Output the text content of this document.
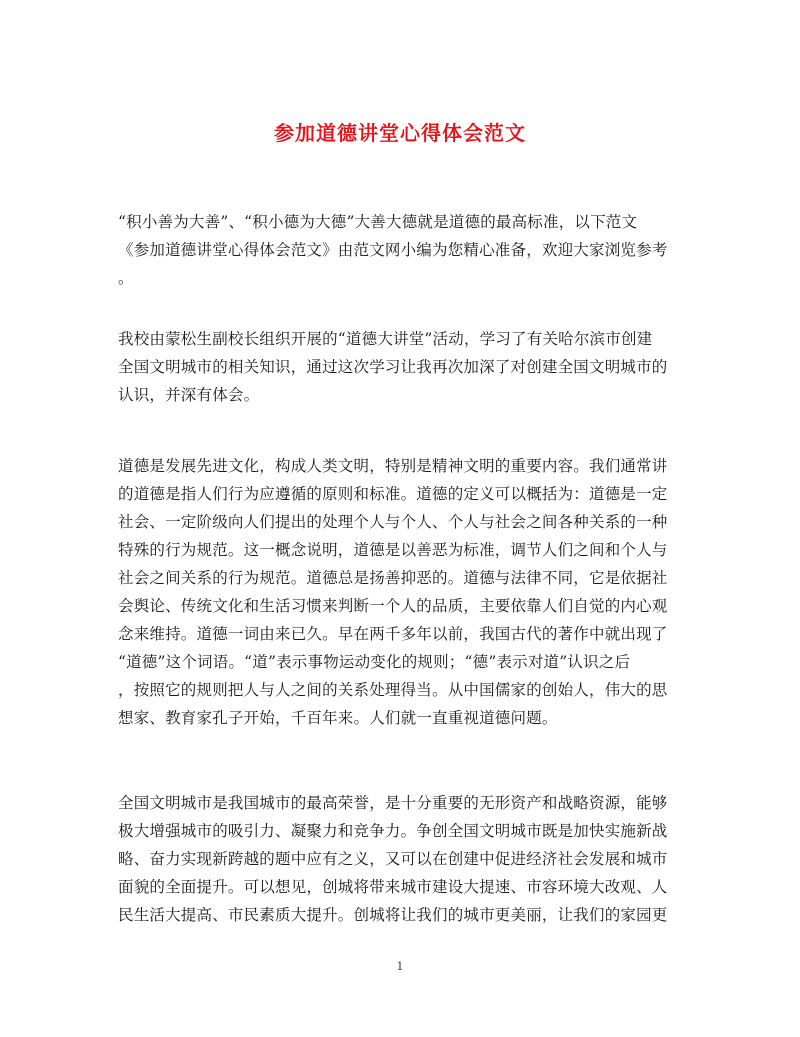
参加道德讲堂心得体会范文
“积小善为大善”、“积小德为大德”大善大德就是道德的最高标准，以下范文
《参加道德讲堂心得体会范文》由范文网小编为您精心准备，欢迎大家浏览参考
。
我校由蒙松生副校长组织开展的“道德大讲堂”活动，学习了有关哈尔滨市创建
全国文明城市的相关知识，通过这次学习让我再次加深了对创建全国文明城市的
认识，并深有体会。
道德是发展先进文化，构成人类文明，特别是精神文明的重要内容。我们通常讲
的道德是指人们行为应遵循的原则和标准。道德的定义可以概括为：道德是一定
社会、一定阶级向人们提出的处理个人与个人、个人与社会之间各种关系的一种
特殊的行为规范。这一概念说明，道德是以善恶为标准，调节人们之间和个人与
社会之间关系的行为规范。道德总是扬善抑恶的。道德与法律不同，它是依据社
会舆论、传统文化和生活习惯来判断一个人的品质，主要依靠人们自觉的内心观
念来维持。道德一词由来已久。早在两千多年以前，我国古代的著作中就出现了
“道德”这个词语。“道”表示事物运动变化的规则；“德”表示对道”认识之后
，按照它的规则把人与人之间的关系处理得当。从中国儒家的创始人，伟大的思
想家、教育家孔子开始，千百年来。人们就一直重视道德问题。
全国文明城市是我国城市的最高荣誉，是十分重要的无形资产和战略资源，能够
极大增强城市的吸引力、凝聚力和竞争力。争创全国文明城市既是加快实施新战
略、奋力实现新跨越的题中应有之义，又可以在创建中促进经济社会发展和城市
面貌的全面提升。可以想见，创城将带来城市建设大提速、市容环境大改观、人
民生活大提高、市民素质大提升。创城将让我们的城市更美丽，让我们的家园更
1
